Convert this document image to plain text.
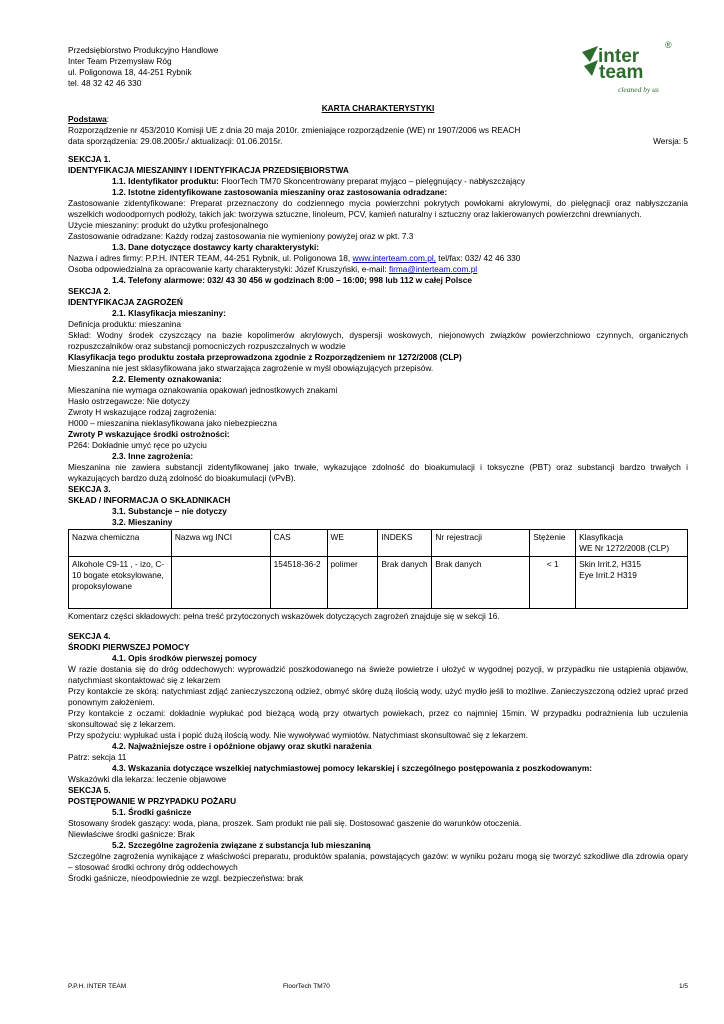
Przedsiębiorstwo Produkcyjno Handlowe
Inter Team Przemysław Róg
ul. Poligonowa 18, 44-251 Rybnik
tel. 48 32 42 46 330
inter
team
®
cleaned by us
KARTA CHARAKTERYSTYKI
Podstawa:
Rozporządzenie nr 453/2010 Komisji UE z dnia 20 maja 2010r. zmieniające rozporządzenie (WE) nr 1907/2006 ws REACH
data sporządzenia: 29.08.2005r./ aktualizacji: 01.06.2015r.	Wersja: 5
SEKCJA 1.
IDENTYFIKACJA MIESZANINY I IDENTYFIKACJA PRZEDSIĘBIORSTWA
1.1. Identyfikator produktu: FloorTech TM70 Skoncentrowany preparat myjąco – pielęgnujący - nabłyszczający
1.2. Istotne zidentyfikowane zastosowania mieszaniny oraz zastosowania odradzane:
Zastosowanie zidentyfikowane: Preparat przeznaczony do codziennego mycia powierzchni pokrytych powłokami akrylowymi, do pielęgnacji oraz nabłyszczania wszelkich wodoodpornych podłoży, takich jak: tworzywa sztuczne, linoleum, PCV, kamień naturalny i sztuczny oraz lakierowanych powierzchni drewnianych.
Użycie mieszaniny: produkt do użytku profesjonalnego
Zastosowanie odradzane: Każdy rodzaj zastosowania nie wymieniony powyżej oraz w pkt. 7.3
1.3. Dane dotyczące dostawcy karty charakterystyki:
Nazwa i adres firmy: P.P.H. INTER TEAM, 44-251 Rybnik, ul. Poligonowa 18, www.interteam.com.pl, tel/fax: 032/ 42 46 330
Osoba odpowiedzialna za opracowanie karty charakterystyki: Józef Kruszyński, e-mail: firma@interteam.com.pl
1.4. Telefony alarmowe: 032/ 43 30 456 w godzinach 8:00 – 16:00; 998 lub 112 w całej Polsce
SEKCJA 2.
IDENTYFIKACJA ZAGROŻEŃ
2.1. Klasyfikacja mieszaniny:
Definicja produktu: mieszanina
Skład: Wodny środek czyszczący na bazie kopolimerów akrylowych, dyspersji woskowych, niejonowych związków powierzchniowo czynnych, organicznych rozpuszczalników oraz substancji pomocniczych rozpuszczalnych w wodzie
Klasyfikacja tego produktu została przeprowadzona zgodnie z Rozporządzeniem nr 1272/2008 (CLP)
Mieszanina nie jest sklasyfikowana jako stwarzająca zagrożenie w myśl obowiązujących przepisów.
2.2. Elementy oznakowania:
Mieszanina nie wymaga oznakowania opakowań jednostkowych znakami
Hasło ostrzegawcze: Nie dotyczy
Zwroty H wskazujące rodzaj zagrożenia:
H000 – mieszanina nieklasyfikowana jako niebezpieczna
Zwroty P wskazujące środki ostrożności:
P264: Dokładnie umyć ręce po użyciu
2.3. Inne zagrożenia:
Mieszanina nie zawiera substancji zidentyfikowanej jako trwałe, wykazujące zdolność do bioakumulacji i toksyczne (PBT) oraz substancji bardzo trwałych i wykazujących bardzo dużą zdolność do bioakumulacji (vPvB).
SEKCJA 3.
SKŁAD / INFORMACJA O SKŁADNIKACH
3.1. Substancje – nie dotyczy
3.2. Mieszaniny
Nazwa chemiczna	Nazwa wg INCI	CAS	WE	INDEKS	Nr rejestracji	Stężenie	Klasyfikacja
WE Nr 1272/2008 (CLP)
Alkohole C9-11 , - izo, C-10 bogate etoksylowane, propoksylowane		154518-36-2	polimer	Brak danych	Brak danych	< 1	Skin Irrit.2, H315
Eye Irrit.2 H319
Komentarz części składowych: pełna treść przytoczonych wskazówek dotyczących zagrożeń znajduje się w sekcji 16.
SEKCJA 4.
ŚRODKI PIERWSZEJ POMOCY
4.1. Opis środków pierwszej pomocy
W razie dostania się do dróg oddechowych: wyprowadzić poszkodowanego na świeże powietrze i ułożyć w wygodnej pozycji, w przypadku nie ustąpienia objawów, natychmiast skontaktować się z lekarzem
Przy kontakcie ze skórą: natychmiast zdjąć zanieczyszczoną odzież, obmyć skórę dużą ilością wody, użyć mydło jeśli to możliwe. Zanieczyszczoną odzież uprać przed ponownym założeniem.
Przy kontakcie z oczami: dokładnie wypłukać pod bieżącą wodą przy otwartych powiekach, przez co najmniej 15min. W przypadku podrażnienia lub uczulenia skonsultować się z lekarzem.
Przy spożyciu: wypłukać usta i popić dużą ilością wody. Nie wywoływać wymiotów. Natychmiast skonsultować się z lekarzem.
4.2. Najważniejsze ostre i opóźnione objawy oraz skutki narażenia
Patrz: sekcja 11
4.3. Wskazania dotyczące wszelkiej natychmiastowej pomocy lekarskiej i szczególnego postępowania z poszkodowanym:
Wskazówki dla lekarza: leczenie objawowe
SEKCJA 5.
POSTĘPOWANIE W PRZYPADKU POŻARU
5.1. Środki gaśnicze
Stosowany środek gaszący: woda, piana, proszek. Sam produkt nie pali się. Dostosować gaszenie do warunków otoczenia.
Niewłaściwe środki gaśnicze: Brak
5.2. Szczególne zagrożenia związane z substancja lub mieszaniną
Szczególne zagrożenia wynikające z właściwości preparatu, produktów spalania, powstających gazów: w wyniku pożaru mogą się tworzyć szkodliwe dla zdrowia opary – stosować środki ochrony dróg oddechowych
Środki gaśnicze, nieodpowiednie ze wzgl. bezpieczeństwa: brak
P.P.H. INTER TEAM	FloorTech TM70	1/5
